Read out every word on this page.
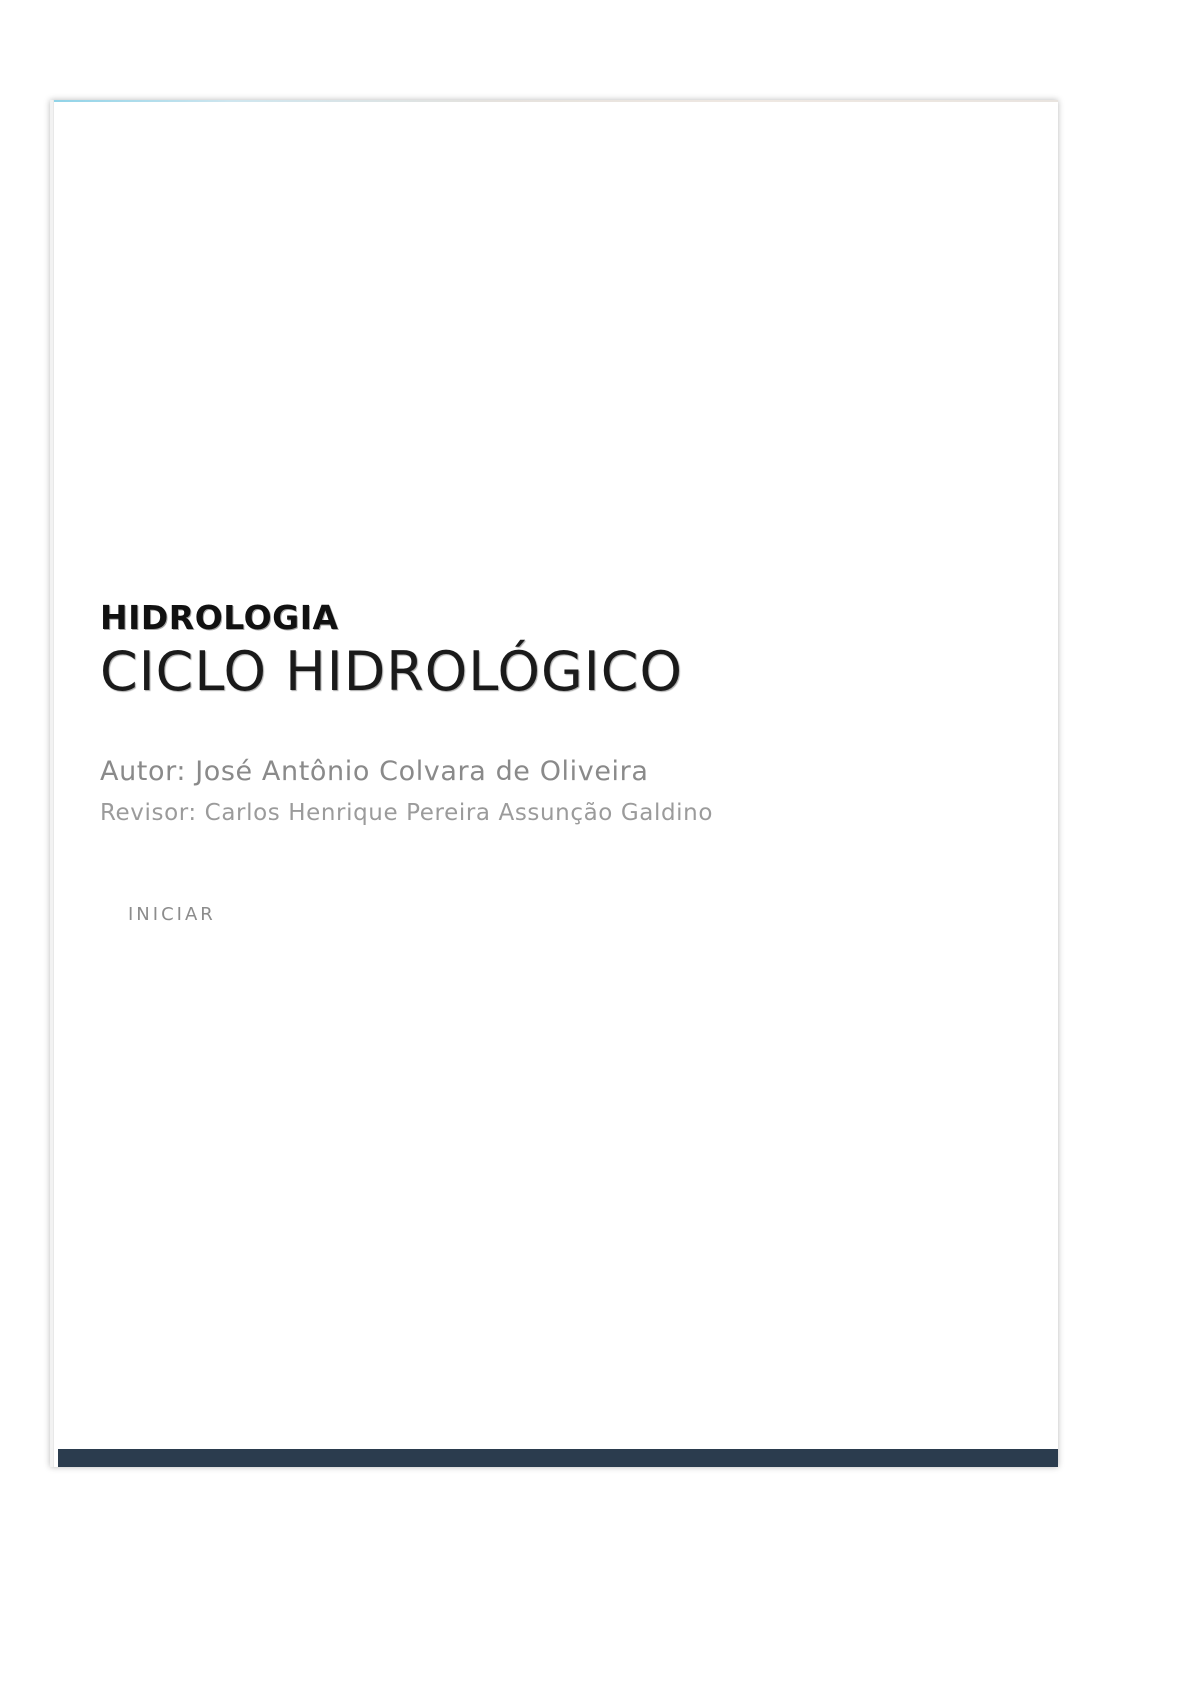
HIDROLOGIA
CICLO HIDROLÓGICO

Autor: José Antônio Colvara de Oliveira

Revisor: Carlos Henrique Pereira Assunção Galdino

INICIAR
